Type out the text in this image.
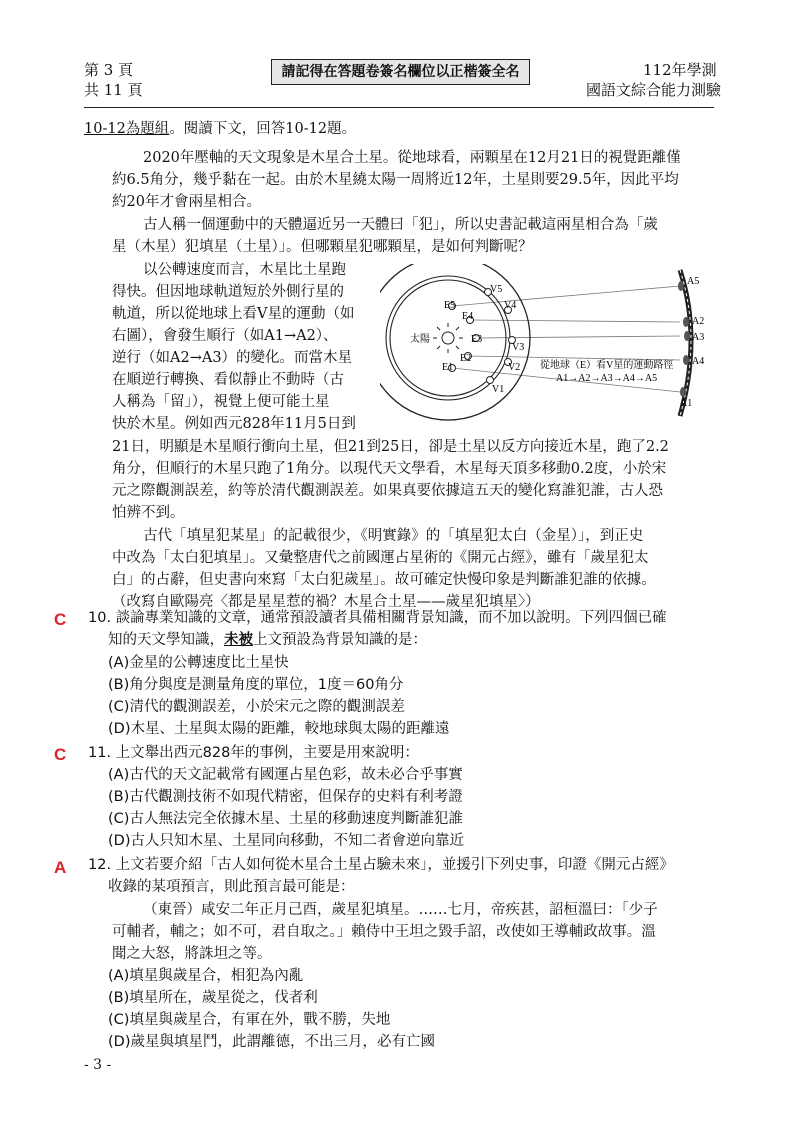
第 3 頁
共 11 頁
請記得在答題卷簽名欄位以正楷簽全名	112年學測
國語文綜合能力測驗
10-12為題組。閱讀下文，回答10-12題。
2020年壓軸的天文現象是木星合土星。從地球看，兩顆星在12月21日的視覺距離僅
約6.5角分，幾乎黏在一起。由於木星繞太陽一周將近12年，土星則要29.5年，因此平均
約20年才會兩星相合。
古人稱一個運動中的天體逼近另一天體曰「犯」，所以史書記載這兩星相合為「歲
星（木星）犯填星（土星）」。但哪顆星犯哪顆星，是如何判斷呢？
以公轉速度而言，木星比土星跑
得快。但因地球軌道短於外側行星的
軌道，所以從地球上看V星的運動（如
右圖），會發生順行（如A1→A2）、
逆行（如A2→A3）的變化。而當木星
在順逆行轉換、看似靜止不動時（古
人稱為「留」），視覺上便可能土星
快於木星。例如西元828年11月5日到
21日，明顯是木星順行衝向土星，但21到25日，卻是土星以反方向接近木星，跑了2.2
角分，但順行的木星只跑了1角分。以現代天文學看，木星每天頂多移動0.2度，小於宋
元之際觀測誤差，約等於清代觀測誤差。如果真要依據這五天的變化寫誰犯誰，古人恐
怕辨不到。
古代「填星犯某星」的記載很少，《明實錄》的「填星犯太白（金星）」，到正史
中改為「太白犯填星」。又彙整唐代之前國運占星術的《開元占經》，雖有「歲星犯太
白」的占辭，但史書向來寫「太白犯歲星」。故可確定快慢印象是判斷誰犯誰的依據。
（改寫自歐陽亮〈都是星星惹的禍？木星合土星——歲星犯填星〉）
太陽
E1
E2
E3
E4
E5
V1
V2
V3
V4
V5
A1
A2
A3
A4
A5
從地球（E）看V星的運動路徑
A1→A2→A3→A4→A5
C 10. 談論專業知識的文章，通常預設讀者具備相關背景知識，而不加以說明。下列四個已確
知的天文學知識，未被上文預設為背景知識的是：
(A)金星的公轉速度比土星快
(B)角分與度是測量角度的單位，1度＝60角分
(C)清代的觀測誤差，小於宋元之際的觀測誤差
(D)木星、土星與太陽的距離，較地球與太陽的距離遠
C 11. 上文舉出西元828年的事例，主要是用來說明：
(A)古代的天文記載常有國運占星色彩，故未必合乎事實
(B)古代觀測技術不如現代精密，但保存的史料有利考證
(C)古人無法完全依據木星、土星的移動速度判斷誰犯誰
(D)古人只知木星、土星同向移動，不知二者會逆向靠近
A 12. 上文若要介紹「古人如何從木星合土星占驗未來」，並援引下列史事，印證《開元占經》
收錄的某項預言，則此預言最可能是：
（東晉）咸安二年正月己酉，歲星犯填星。……七月，帝疾甚，詔桓溫曰：「少子
可輔者，輔之；如不可，君自取之。」賴侍中王坦之毀手詔，改使如王導輔政故事。溫
聞之大怒，將誅坦之等。
(A)填星與歲星合，相犯為內亂
(B)填星所在，歲星從之，伐者利
(C)填星與歲星合，有軍在外，戰不勝，失地
(D)歲星與填星鬥，此謂離德，不出三月，必有亡國
- 3 -
